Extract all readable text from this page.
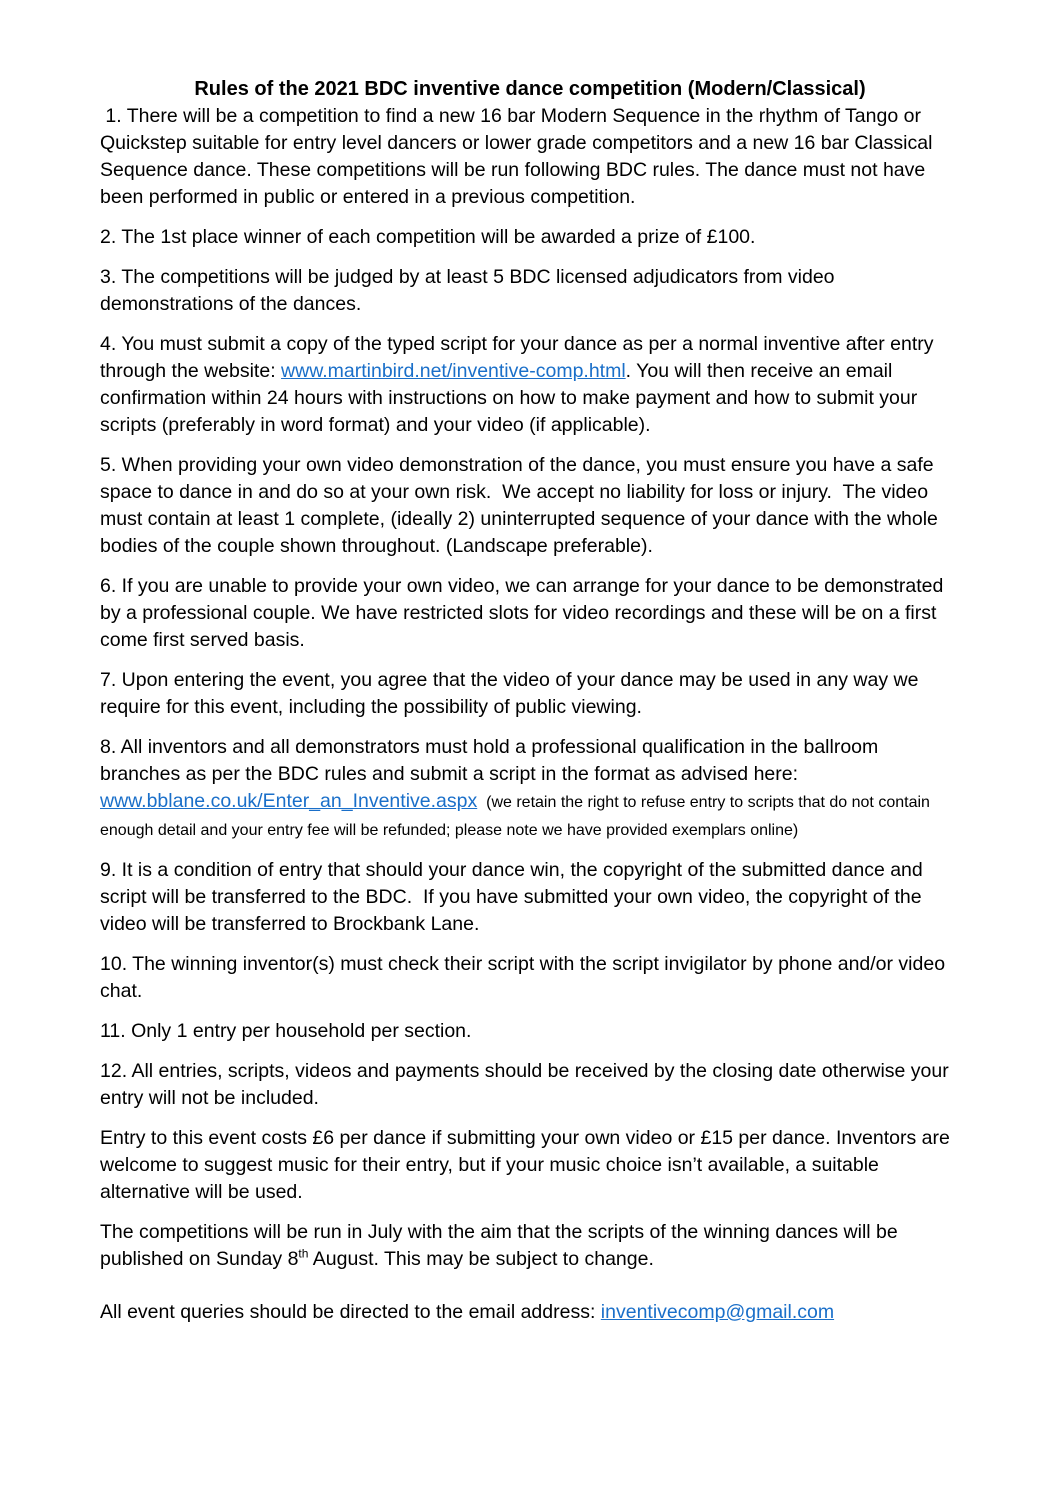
Rules of the 2021 BDC inventive dance competition (Modern/Classical)

1. There will be a competition to find a new 16 bar Modern Sequence in the rhythm of Tango or Quickstep suitable for entry level dancers or lower grade competitors and a new 16 bar Classical Sequence dance. These competitions will be run following BDC rules. The dance must not have been performed in public or entered in a previous competition.

2. The 1st place winner of each competition will be awarded a prize of £100.

3. The competitions will be judged by at least 5 BDC licensed adjudicators from video demonstrations of the dances.

4. You must submit a copy of the typed script for your dance as per a normal inventive after entry through the website: www.martinbird.net/inventive-comp.html. You will then receive an email confirmation within 24 hours with instructions on how to make payment and how to submit your scripts (preferably in word format) and your video (if applicable).

5. When providing your own video demonstration of the dance, you must ensure you have a safe space to dance in and do so at your own risk.  We accept no liability for loss or injury.  The video must contain at least 1 complete, (ideally 2) uninterrupted sequence of your dance with the whole bodies of the couple shown throughout. (Landscape preferable).

6. If you are unable to provide your own video, we can arrange for your dance to be demonstrated by a professional couple. We have restricted slots for video recordings and these will be on a first come first served basis.

7. Upon entering the event, you agree that the video of your dance may be used in any way we require for this event, including the possibility of public viewing.

8. All inventors and all demonstrators must hold a professional qualification in the ballroom branches as per the BDC rules and submit a script in the format as advised here: www.bblane.co.uk/Enter_an_Inventive.aspx  (we retain the right to refuse entry to scripts that do not contain enough detail and your entry fee will be refunded; please note we have provided exemplars online)

9. It is a condition of entry that should your dance win, the copyright of the submitted dance and script will be transferred to the BDC.  If you have submitted your own video, the copyright of the video will be transferred to Brockbank Lane.

10. The winning inventor(s) must check their script with the script invigilator by phone and/or video chat.

11. Only 1 entry per household per section.

12. All entries, scripts, videos and payments should be received by the closing date otherwise your entry will not be included.

Entry to this event costs £6 per dance if submitting your own video or £15 per dance. Inventors are welcome to suggest music for their entry, but if your music choice isn’t available, a suitable alternative will be used.

The competitions will be run in July with the aim that the scripts of the winning dances will be published on Sunday 8th August. This may be subject to change.

All event queries should be directed to the email address: inventivecomp@gmail.com
